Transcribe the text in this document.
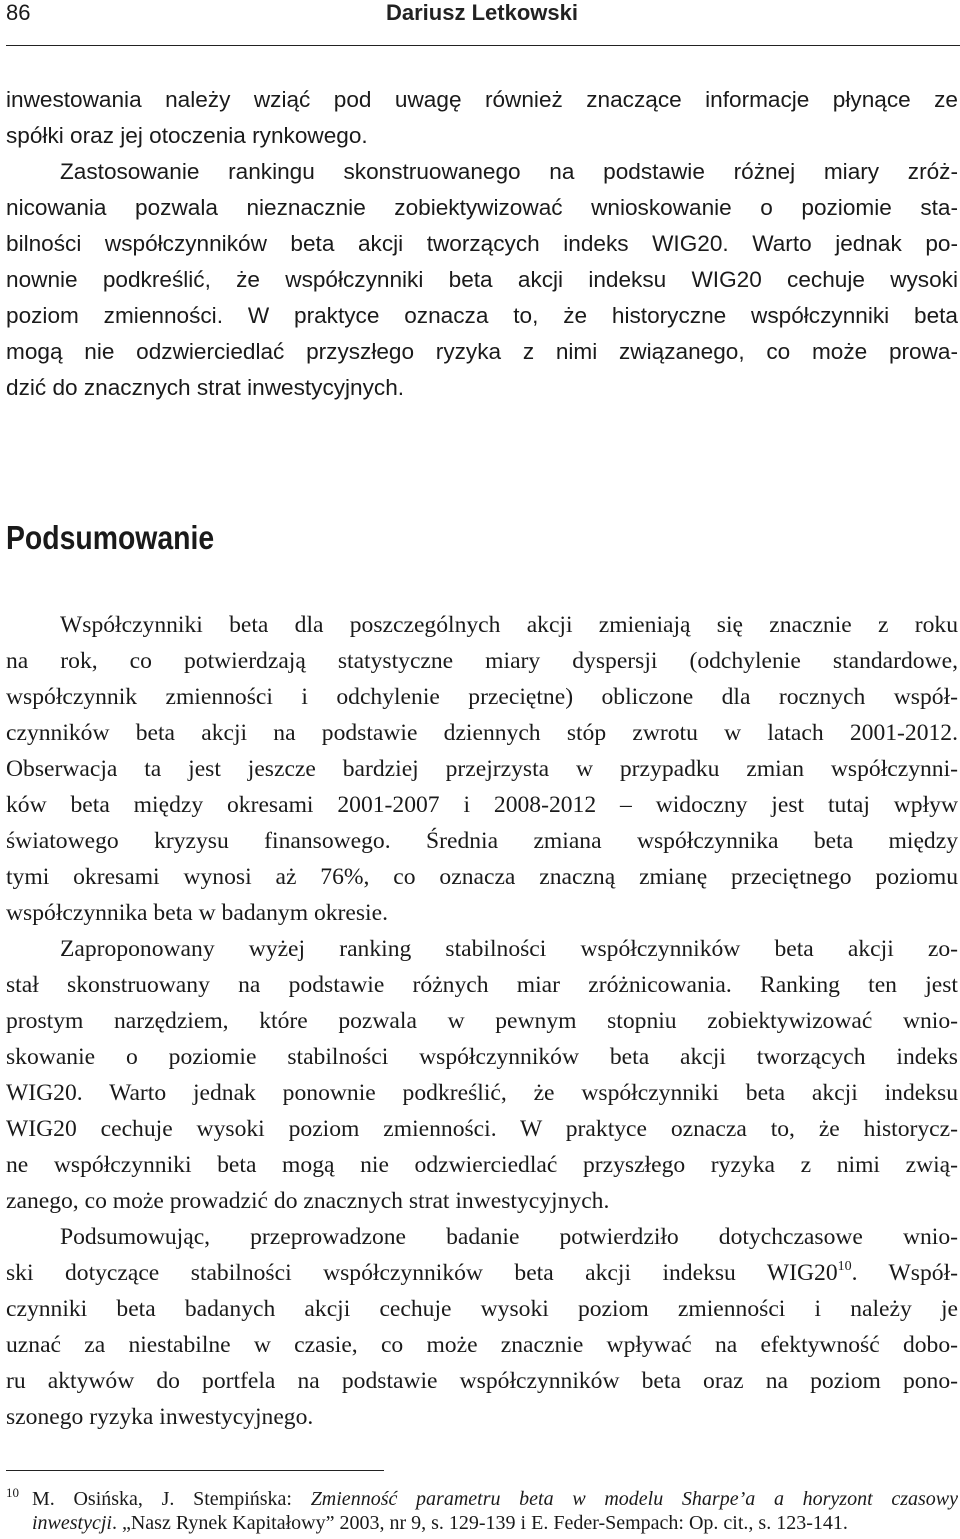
86	Dariusz Letkowski
inwestowania należy wziąć pod uwagę również znaczące informacje płynące ze
spółki oraz jej otoczenia rynkowego.
Zastosowanie rankingu skonstruowanego na podstawie różnej miary zróż-
nicowania pozwala nieznacznie zobiektywizować wnioskowanie o poziomie sta-
bilności współczynników beta akcji tworzących indeks WIG20. Warto jednak po-
nownie podkreślić, że współczynniki beta akcji indeksu WIG20 cechuje wysoki
poziom zmienności. W praktyce oznacza to, że historyczne współczynniki beta
mogą nie odzwierciedlać przyszłego ryzyka z nimi związanego, co może prowa-
dzić do znacznych strat inwestycyjnych.
Podsumowanie
Współczynniki beta dla poszczególnych akcji zmieniają się znacznie z roku
na rok, co potwierdzają statystyczne miary dyspersji (odchylenie standardowe,
współczynnik zmienności i odchylenie przeciętne) obliczone dla rocznych współ-
czynników beta akcji na podstawie dziennych stóp zwrotu w latach 2001-2012.
Obserwacja ta jest jeszcze bardziej przejrzysta w przypadku zmian współczynni-
ków beta między okresami 2001-2007 i 2008-2012 – widoczny jest tutaj wpływ
światowego kryzysu finansowego. Średnia zmiana współczynnika beta między
tymi okresami wynosi aż 76%, co oznacza znaczną zmianę przeciętnego poziomu
współczynnika beta w badanym okresie.
Zaproponowany wyżej ranking stabilności współczynników beta akcji zo-
stał skonstruowany na podstawie różnych miar zróżnicowania. Ranking ten jest
prostym narzędziem, które pozwala w pewnym stopniu zobiektywizować wnio-
skowanie o poziomie stabilności współczynników beta akcji tworzących indeks
WIG20. Warto jednak ponownie podkreślić, że współczynniki beta akcji indeksu
WIG20 cechuje wysoki poziom zmienności. W praktyce oznacza to, że historycz-
ne współczynniki beta mogą nie odzwierciedlać przyszłego ryzyka z nimi zwią-
zanego, co może prowadzić do znacznych strat inwestycyjnych.
Podsumowując, przeprowadzone badanie potwierdziło dotychczasowe wnio-
ski dotyczące stabilności współczynników beta akcji indeksu WIG20$^{10}$. Współ-
czynniki beta badanych akcji cechuje wysoki poziom zmienności i należy je
uznać za niestabilne w czasie, co może znacznie wpływać na efektywność dobo-
ru aktywów do portfela na podstawie współczynników beta oraz na poziom pono-
szonego ryzyka inwestycyjnego.
10 M. Osińska, J. Stempińska: Zmienność parametru beta w modelu Sharpe’a a horyzont czasowy
inwestycji. „Nasz Rynek Kapitałowy” 2003, nr 9, s. 129-139 i E. Feder-Sempach: Op. cit., s. 123-141.
